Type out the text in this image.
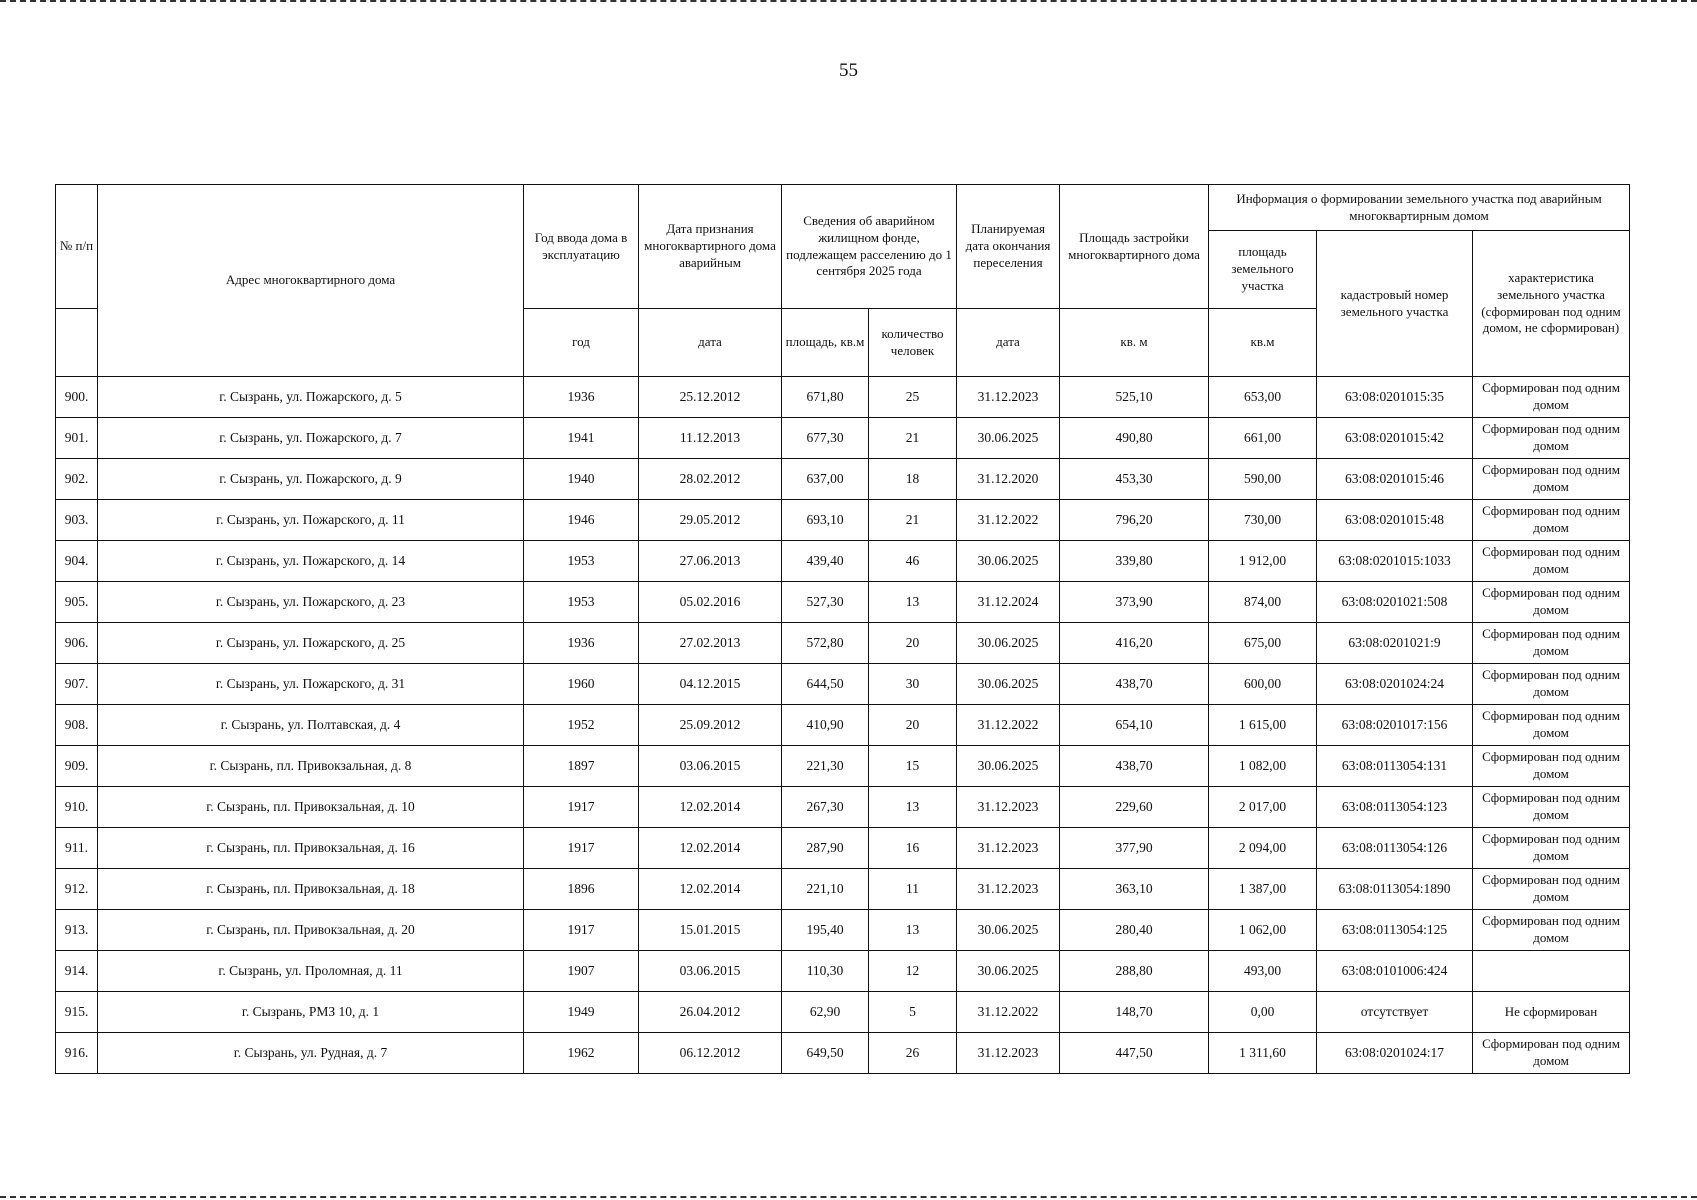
55
№ п/п	Адрес многоквартирного дома	Год ввода дома в эксплуатацию	Дата признания многоквартирного дома аварийным	Сведения об аварийном жилищном фонде, подлежащем расселению до 1 сентября 2025 года		Планируемая дата окончания переселения	Площадь застройки многоквартирного дома	Информация о формировании земельного участка под аварийным многоквартирным домом		
								площадь земельного участка	кадастровый номер земельного участка	характеристика земельного участка (сформирован под одним домом, не сформирован)
		год	дата	площадь, кв.м	количество человек	дата	кв. м	кв.м		
900.	г. Сызрань, ул. Пожарского, д. 5	1936	25.12.2012	671,80	25	31.12.2023	525,10	653,00	63:08:0201015:35	Сформирован под одним домом
901.	г. Сызрань, ул. Пожарского, д. 7	1941	11.12.2013	677,30	21	30.06.2025	490,80	661,00	63:08:0201015:42	Сформирован под одним домом
902.	г. Сызрань, ул. Пожарского, д. 9	1940	28.02.2012	637,00	18	31.12.2020	453,30	590,00	63:08:0201015:46	Сформирован под одним домом
903.	г. Сызрань, ул. Пожарского, д. 11	1946	29.05.2012	693,10	21	31.12.2022	796,20	730,00	63:08:0201015:48	Сформирован под одним домом
904.	г. Сызрань, ул. Пожарского, д. 14	1953	27.06.2013	439,40	46	30.06.2025	339,80	1 912,00	63:08:0201015:1033	Сформирован под одним домом
905.	г. Сызрань, ул. Пожарского, д. 23	1953	05.02.2016	527,30	13	31.12.2024	373,90	874,00	63:08:0201021:508	Сформирован под одним домом
906.	г. Сызрань, ул. Пожарского, д. 25	1936	27.02.2013	572,80	20	30.06.2025	416,20	675,00	63:08:0201021:9	Сформирован под одним домом
907.	г. Сызрань, ул. Пожарского, д. 31	1960	04.12.2015	644,50	30	30.06.2025	438,70	600,00	63:08:0201024:24	Сформирован под одним домом
908.	г. Сызрань, ул. Полтавская, д. 4	1952	25.09.2012	410,90	20	31.12.2022	654,10	1 615,00	63:08:0201017:156	Сформирован под одним домом
909.	г. Сызрань, пл. Привокзальная, д. 8	1897	03.06.2015	221,30	15	30.06.2025	438,70	1 082,00	63:08:0113054:131	Сформирован под одним домом
910.	г. Сызрань, пл. Привокзальная, д. 10	1917	12.02.2014	267,30	13	31.12.2023	229,60	2 017,00	63:08:0113054:123	Сформирован под одним домом
911.	г. Сызрань, пл. Привокзальная, д. 16	1917	12.02.2014	287,90	16	31.12.2023	377,90	2 094,00	63:08:0113054:126	Сформирован под одним домом
912.	г. Сызрань, пл. Привокзальная, д. 18	1896	12.02.2014	221,10	11	31.12.2023	363,10	1 387,00	63:08:0113054:1890	Сформирован под одним домом
913.	г. Сызрань, пл. Привокзальная, д. 20	1917	15.01.2015	195,40	13	30.06.2025	280,40	1 062,00	63:08:0113054:125	Сформирован под одним домом
914.	г. Сызрань, ул. Проломная, д. 11	1907	03.06.2015	110,30	12	30.06.2025	288,80	493,00	63:08:0101006:424	
915.	г. Сызрань, РМЗ 10, д. 1	1949	26.04.2012	62,90	5	31.12.2022	148,70	0,00	отсутствует	Не сформирован
916.	г. Сызрань, ул. Рудная, д. 7	1962	06.12.2012	649,50	26	31.12.2023	447,50	1 311,60	63:08:0201024:17	Сформирован под одним домом
